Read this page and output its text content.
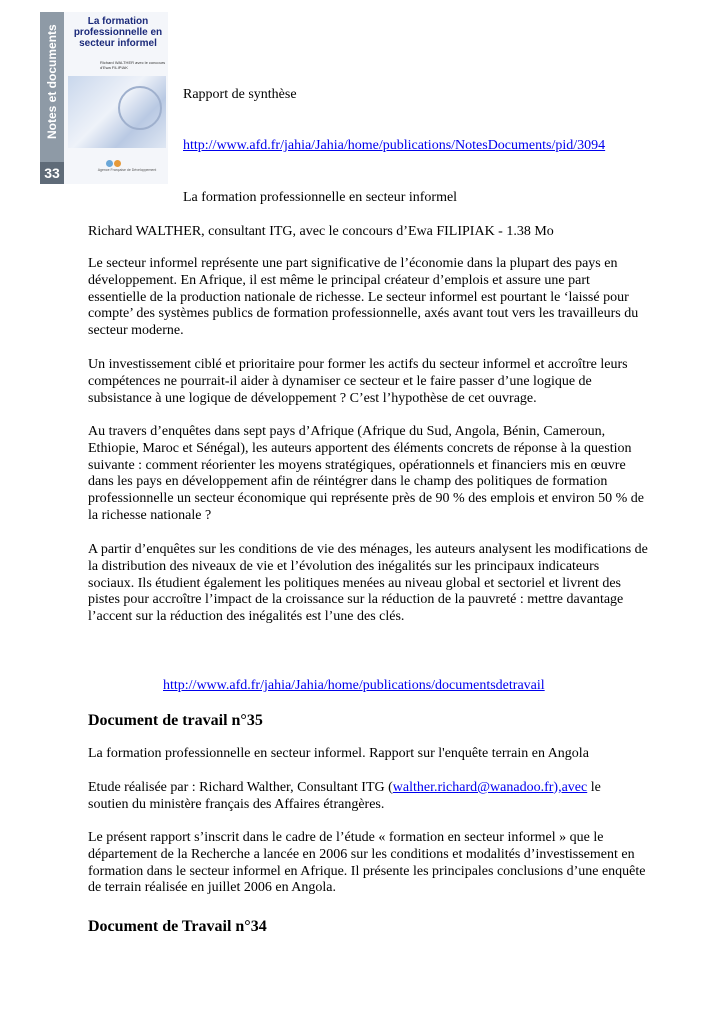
Notes et documents
33
La formation professionnelle en secteur informel
Richard WALTHER avec le concours d'Ewa FILIPIAK
Agence Française de Développement

Rapport de synthèse

http://www.afd.fr/jahia/Jahia/home/publications/NotesDocuments/pid/3094

La formation professionnelle en secteur informel

Richard WALTHER, consultant ITG, avec le concours d’Ewa FILIPIAK - 1.38 Mo

Le secteur informel représente une part significative de l’économie dans la plupart des pays en développement. En Afrique, il est même le principal créateur d’emplois et assure une part essentielle de la production nationale de richesse. Le secteur informel est pourtant le ‘laissé pour compte’ des systèmes publics de formation professionnelle, axés avant tout vers les travailleurs du secteur moderne.

Un investissement ciblé et prioritaire pour former les actifs du secteur informel et accroître leurs compétences ne pourrait-il aider à dynamiser ce secteur et le faire passer d’une logique de subsistance à une logique de développement ? C’est l’hypothèse de cet ouvrage.

Au travers d’enquêtes dans sept pays d’Afrique (Afrique du Sud, Angola, Bénin, Cameroun, Ethiopie, Maroc et Sénégal), les auteurs apportent des éléments concrets de réponse à la question suivante : comment réorienter les moyens stratégiques, opérationnels et financiers mis en œuvre dans les pays en développement afin de réintégrer dans le champ des politiques de formation professionnelle un secteur économique qui représente près de 90 % des emplois et environ 50 % de la richesse nationale ?

A partir d’enquêtes sur les conditions de vie des ménages, les auteurs analysent les modifications de la distribution des niveaux de vie et l’évolution des inégalités sur les principaux indicateurs sociaux. Ils étudient également les politiques menées au niveau global et sectoriel et livrent des pistes pour accroître l’impact de la croissance sur la réduction de la pauvreté : mettre davantage l’accent sur la réduction des inégalités est l’une des clés.

http://www.afd.fr/jahia/Jahia/home/publications/documentsdetravail
Document de travail n°35

La formation professionnelle en secteur informel. Rapport sur l'enquête terrain en Angola

Etude réalisée par : Richard Walther, Consultant ITG (walther.richard@wanadoo.fr),avec le

soutien du ministère français des Affaires étrangères.

Le présent rapport s’inscrit dans le cadre de l’étude « formation en secteur informel » que le département de la Recherche a lancée en 2006 sur les conditions et modalités d’investissement en formation dans le secteur informel en Afrique. Il présente les principales conclusions d’une enquête de terrain réalisée en juillet 2006 en Angola.

Document de Travail n°34
